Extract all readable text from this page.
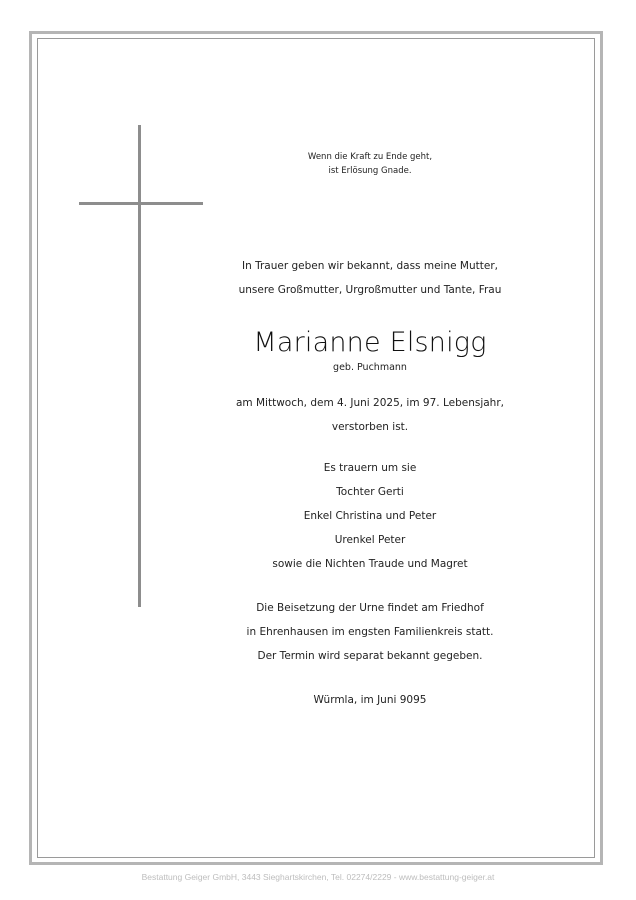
Wenn die Kraft zu Ende geht,
ist Erlösung Gnade.
In Trauer geben wir bekannt, dass meine Mutter,
unsere Großmutter, Urgroßmutter und Tante, Frau
Marianne Elsnigg
geb. Puchmann
am Mittwoch, dem 4. Juni 2025, im 97. Lebensjahr,
verstorben ist.
Es trauern um sie
Tochter Gerti
Enkel Christina und Peter
Urenkel Peter
sowie die Nichten Traude und Magret
Die Beisetzung der Urne findet am Friedhof
in Ehrenhausen im engsten Familienkreis statt.
Der Termin wird separat bekannt gegeben.
Würmla, im Juni 9095
Bestattung Geiger GmbH, 3443 Sieghartskirchen, Tel. 02274/2229 - www.bestattung-geiger.at
